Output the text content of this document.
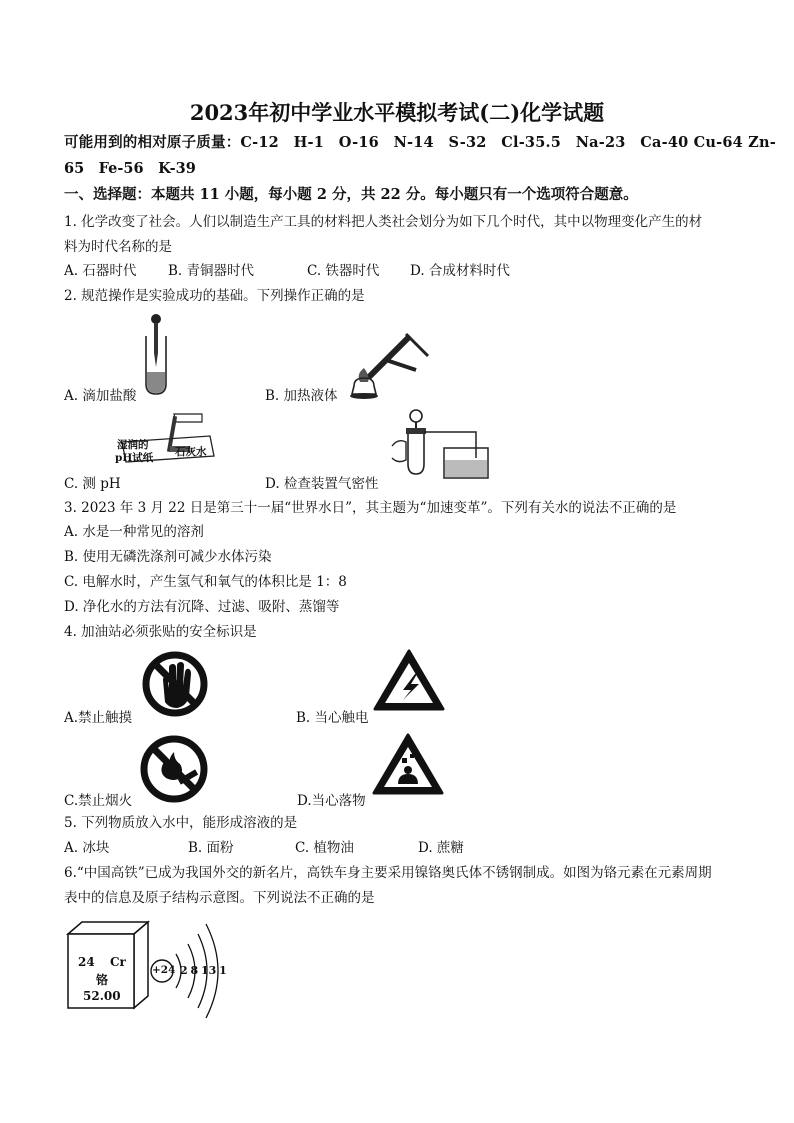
2023年初中学业水平模拟考试(二)化学试题
可能用到的相对原子质量：C-12　H-1　O-16　N-14　S-32　Cl-35.5　Na-23　Ca-40 Cu-64 Zn-
65　Fe-56　K-39
一、选择题：本题共 11 小题，每小题 2 分，共 22 分。每小题只有一个选项符合题意。
1. 化学改变了社会。人们以制造生产工具的材料把人类社会划分为如下几个时代，其中以物理变化产生的材
料为时代名称的是
A. 石器时代 B. 青铜器时代	C. 铁器时代 D. 合成材料时代
2. 规范操作是实验成功的基础。下列操作正确的是
A. 滴加盐酸	B. 加热液体
湿润的
pH试纸 石灰水
C. 测 pH	D. 检查装置气密性
3. 2023 年 3 月 22 日是第三十一届“世界水日”，其主题为“加速变革”。下列有关水的说法不正确的是
A. 水是一种常见的溶剂
B. 使用无磷洗涤剂可减少水体污染
C. 电解水时，产生氢气和氧气的体积比是 1：8
D. 净化水的方法有沉降、过滤、吸附、蒸馏等
4. 加油站必须张贴的安全标识是
A.禁止触摸	B. 当心触电
C.禁止烟火	D.当心落物
5. 下列物质放入水中，能形成溶液的是
A. 冰块	B. 面粉	C. 植物油	D. 蔗糖
6.“中国高铁”已成为我国外交的新名片，高铁车身主要采用镍铬奥氏体不锈钢制成。如图为铬元素在元素周期
表中的信息及原子结构示意图。下列说法不正确的是
24 Cr
铬
52.00
+24 2 8 13 1
